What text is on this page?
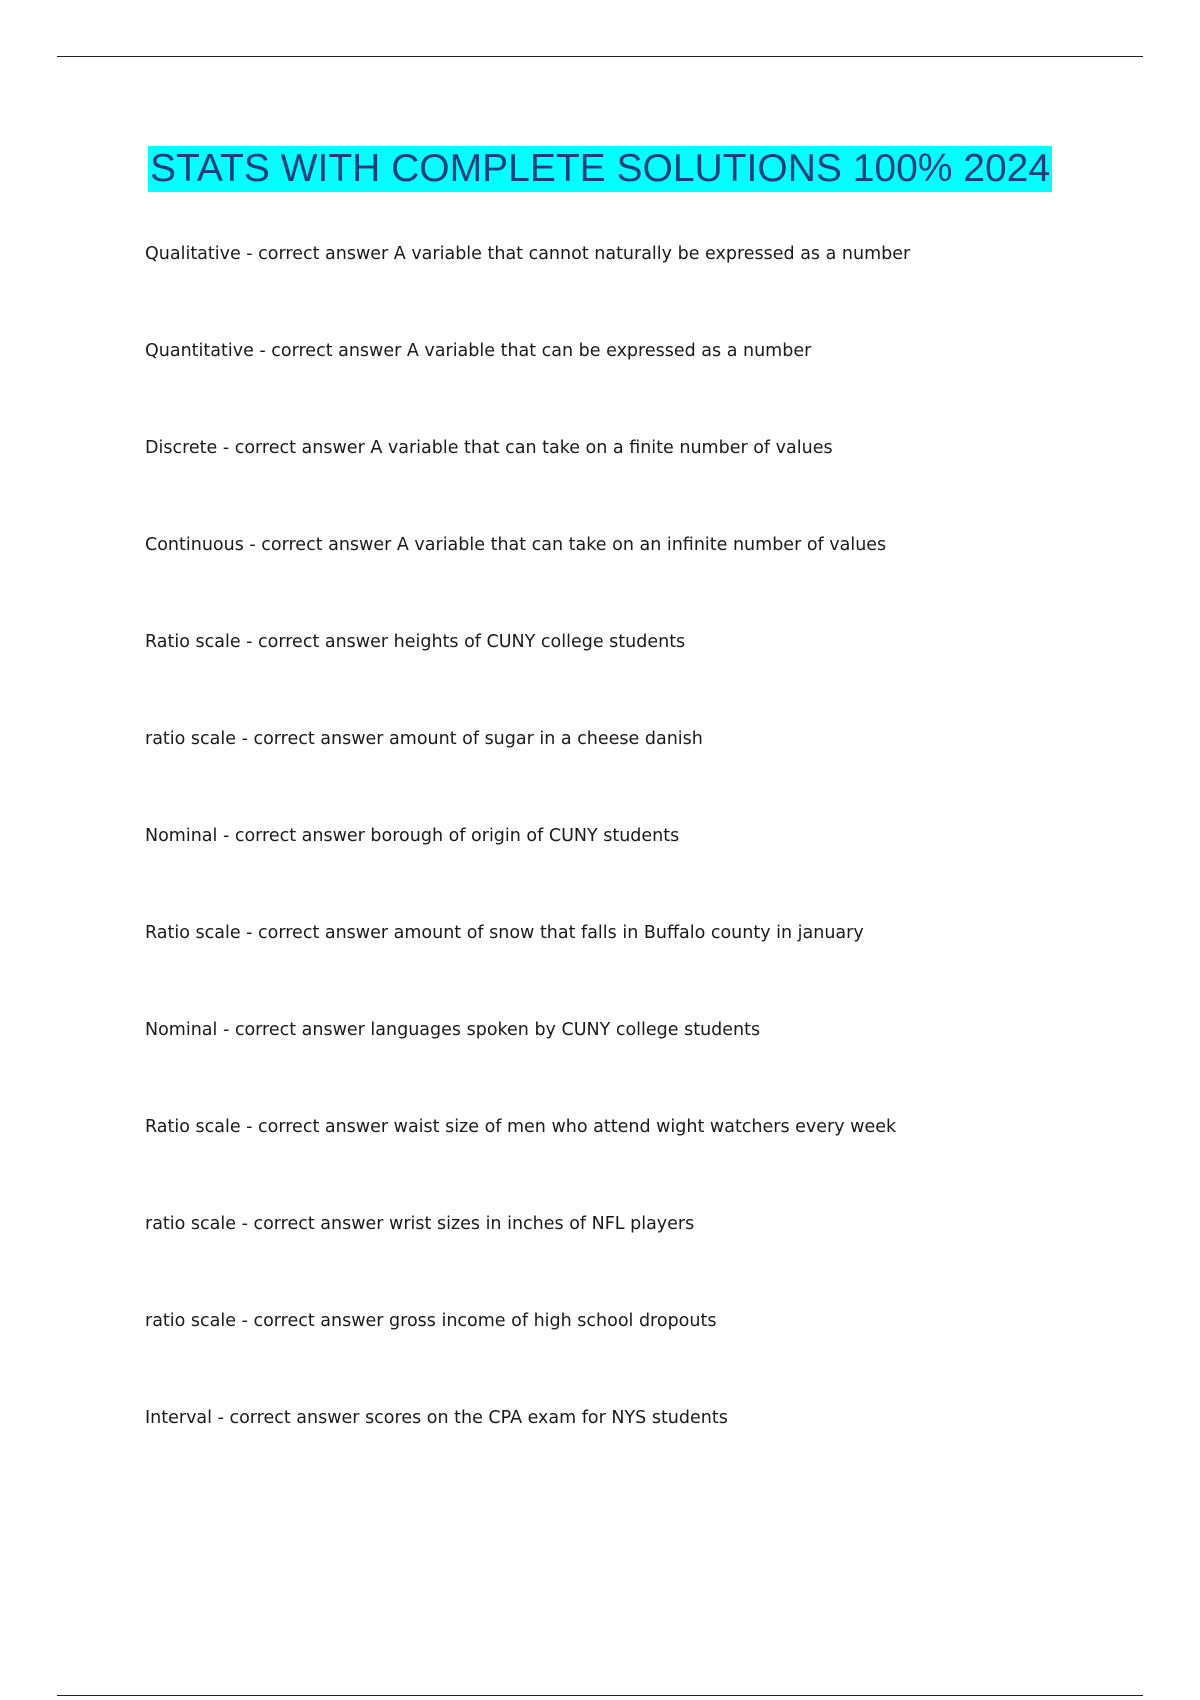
STATS WITH COMPLETE SOLUTIONS 100% 2024
Qualitative - correct answer A variable that cannot naturally be expressed as a number
Quantitative - correct answer A variable that can be expressed as a number
Discrete - correct answer A variable that can take on a finite number of values
Continuous - correct answer A variable that can take on an infinite number of values
Ratio scale - correct answer heights of CUNY college students
ratio scale - correct answer amount of sugar in a cheese danish
Nominal - correct answer borough of origin of CUNY students
Ratio scale - correct answer amount of snow that falls in Buffalo county in january
Nominal - correct answer languages spoken by CUNY college students
Ratio scale - correct answer waist size of men who attend wight watchers every week
ratio scale - correct answer wrist sizes in inches of NFL players
ratio scale - correct answer gross income of high school dropouts
Interval - correct answer scores on the CPA exam for NYS students
